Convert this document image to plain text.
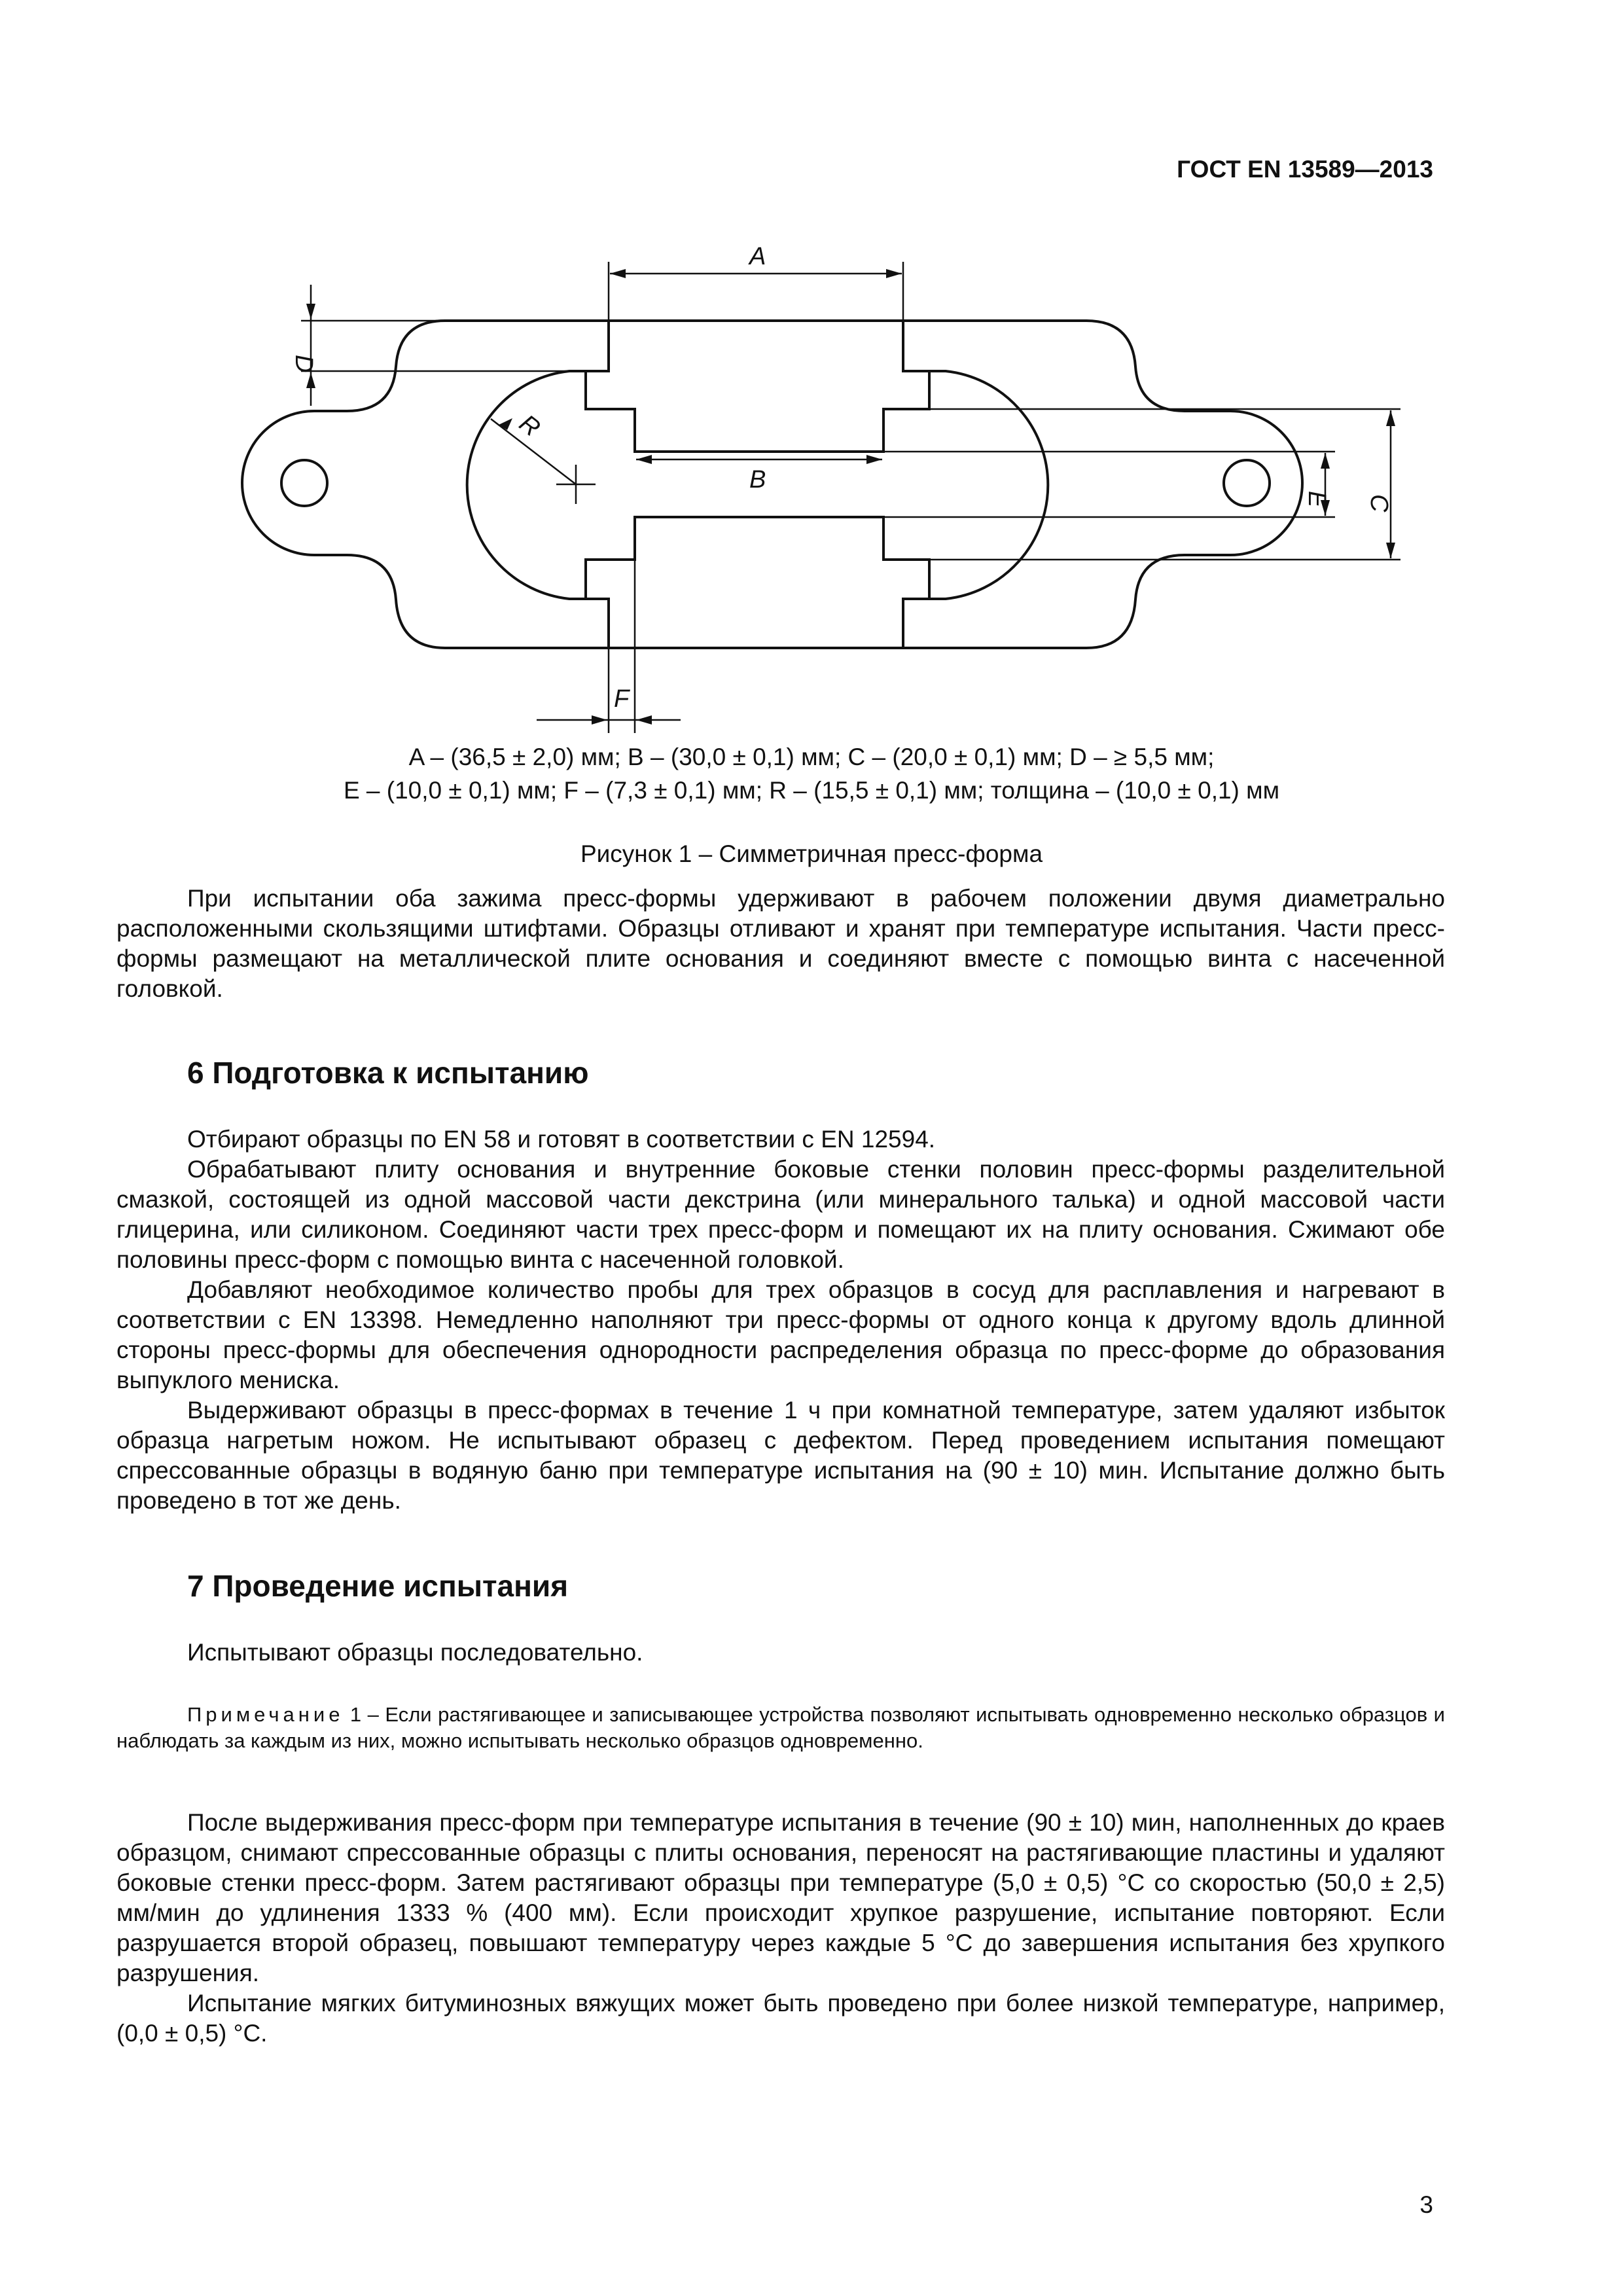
ГОСТ EN 13589—2013
A
B
F
R
D
E C
A – (36,5 ± 2,0) мм; B – (30,0 ± 0,1) мм; C – (20,0 ± 0,1) мм; D – ≥ 5,5 мм;
E – (10,0 ± 0,1) мм; F – (7,3 ± 0,1) мм; R – (15,5 ± 0,1) мм; толщина – (10,0 ± 0,1) мм
Рисунок 1 – Симметричная пресс-форма

При испытании оба зажима пресс-формы удерживают в рабочем положении двумя диаметрально расположенными скользящими штифтами. Образцы отливают и хранят при температуре испытания. Части пресс-формы размещают на металлической плите основания и соединяют вместе с помощью винта с насеченной головкой.

6 Подготовка к испытанию

Отбирают образцы по EN 58 и готовят в соответствии с EN 12594.

Обрабатывают плиту основания и внутренние боковые стенки половин пресс-формы разделительной смазкой, состоящей из одной массовой части декстрина (или минерального талька) и одной массовой части глицерина, или силиконом. Соединяют части трех пресс-форм и помещают их на плиту основания. Сжимают обе половины пресс-форм с помощью винта с насеченной головкой.

Добавляют необходимое количество пробы для трех образцов в сосуд для расплавления и нагревают в соответствии с EN 13398. Немедленно наполняют три пресс-формы от одного конца к другому вдоль длинной стороны пресс-формы для обеспечения однородности распределения образца по пресс-форме до образования выпуклого мениска.

Выдерживают образцы в пресс-формах в течение 1 ч при комнатной температуре, затем удаляют избыток образца нагретым ножом. Не испытывают образец с дефектом. Перед проведением испытания помещают спрессованные образцы в водяную баню при температуре испытания на (90 ± 10) мин. Испытание должно быть проведено в тот же день.

7 Проведение испытания

Испытывают образцы последовательно.

Примечание 1 – Если растягивающее и записывающее устройства позволяют испытывать одновременно несколько образцов и наблюдать за каждым из них, можно испытывать несколько образцов одновременно.

После выдерживания пресс-форм при температуре испытания в течение (90 ± 10) мин, наполненных до краев образцом, снимают спрессованные образцы с плиты основания, переносят на растягивающие пластины и удаляют боковые стенки пресс-форм. Затем растягивают образцы при температуре (5,0 ± 0,5) °С со скоростью (50,0 ± 2,5) мм/мин до удлинения 1333 % (400 мм). Если происходит хрупкое разрушение, испытание повторяют. Если разрушается второй образец, повышают температуру через каждые 5 °С до завершения испытания без хрупкого разрушения.

Испытание мягких битуминозных вяжущих может быть проведено при более низкой температуре, например, (0,0 ± 0,5) °С.

3
